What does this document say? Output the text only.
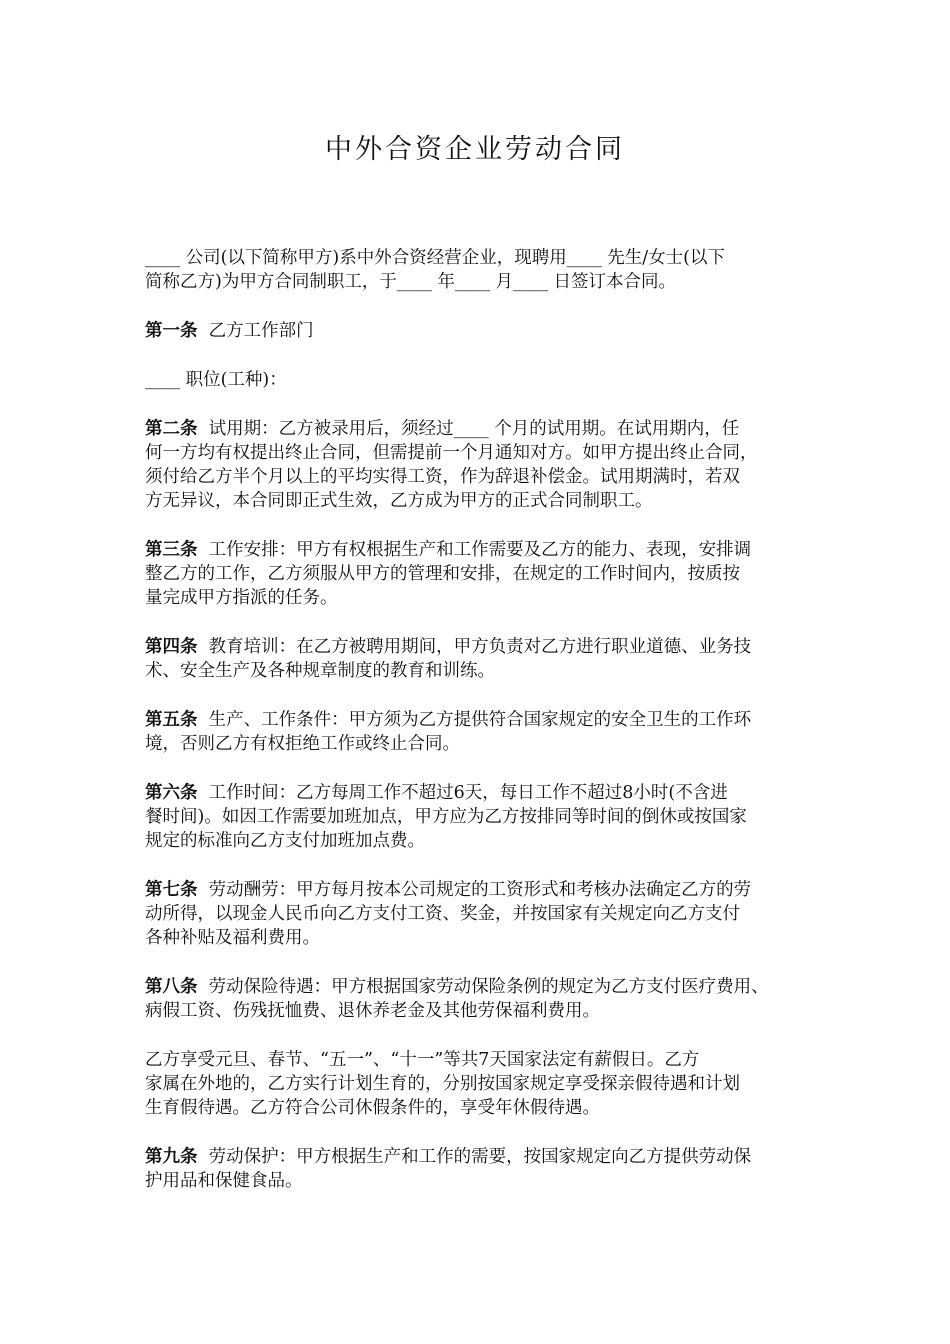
中外合资企业劳动合同
____ 公司(以下简称甲方)系中外合资经营企业，现聘用____ 先生/女士(以下
简称乙方)为甲方合同制职工，于____ 年____ 月____ 日签订本合同。
第一条 乙方工作部门
____ 职位(工种)：
第二条 试用期：乙方被录用后，须经过____ 个月的试用期。在试用期内，任
何一方均有权提出终止合同，但需提前一个月通知对方。如甲方提出终止合同，
须付给乙方半个月以上的平均实得工资，作为辞退补偿金。试用期满时，若双
方无异议，本合同即正式生效，乙方成为甲方的正式合同制职工。
第三条 工作安排：甲方有权根据生产和工作需要及乙方的能力、表现，安排调
整乙方的工作，乙方须服从甲方的管理和安排，在规定的工作时间内，按质按
量完成甲方指派的任务。
第四条 教育培训：在乙方被聘用期间，甲方负责对乙方进行职业道德、业务技
术、安全生产及各种规章制度的教育和训练。
第五条 生产、工作条件：甲方须为乙方提供符合国家规定的安全卫生的工作环
境，否则乙方有权拒绝工作或终止合同。
第六条 工作时间：乙方每周工作不超过6天，每日工作不超过8小时(不含进
餐时间)。如因工作需要加班加点，甲方应为乙方按排同等时间的倒休或按国家
规定的标准向乙方支付加班加点费。
第七条 劳动酬劳：甲方每月按本公司规定的工资形式和考核办法确定乙方的劳
动所得，以现金人民币向乙方支付工资、奖金，并按国家有关规定向乙方支付
各种补贴及福利费用。
第八条 劳动保险待遇：甲方根据国家劳动保险条例的规定为乙方支付医疗费用、
病假工资、伤残抚恤费、退休养老金及其他劳保福利费用。
乙方享受元旦、春节、“五一”、“十一”等共7天国家法定有薪假日。乙方
家属在外地的，乙方实行计划生育的，分别按国家规定享受探亲假待遇和计划
生育假待遇。乙方符合公司休假条件的，享受年休假待遇。
第九条 劳动保护：甲方根据生产和工作的需要，按国家规定向乙方提供劳动保
护用品和保健食品。
